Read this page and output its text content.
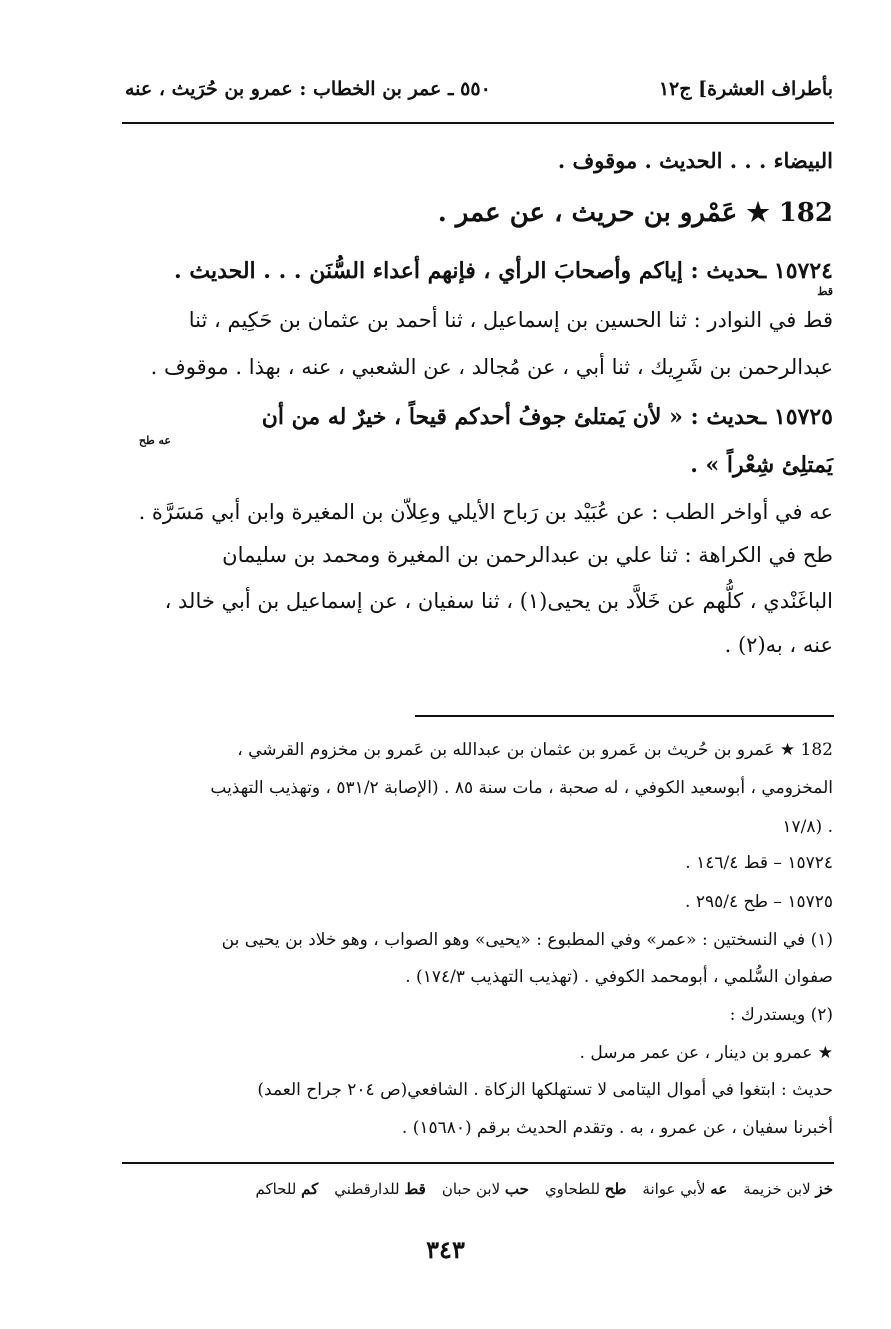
بأطراف العشرة] ج١٢
٥٥٠ ـ عمر بن الخطاب : عمرو بن حُرَيث ، عنه
البيضاء . . . الحديث . موقوف .
182 ★ عَمْرو بن حريث ، عن عمر .
١٥٧٢٤ ـحديث : إياكم وأصحابَ الرأي ، فإنهم أعداء السُّنَن . . . الحديث .
قط
قط في النوادر : ثنا الحسين بن إسماعيل ، ثنا أحمد بن عثمان بن حَكِيم ، ثنا
عبدالرحمن بن شَرِيك ، ثنا أبي ، عن مُجالد ، عن الشعبي ، عنه ، بهذا . موقوف .
١٥٧٢٥ ـحديث : « لأن يَمتلئ جوفُ أحدكم قيحاً ، خيرٌ له من أن
عه طح
يَمتلِئ شِعْراً » .
عه في أواخر الطب : عن عُبَيْد بن رَباح الأيلي وعِلاّن بن المغيرة وابن أبي مَسَرَّة .
طح في الكراهة : ثنا علي بن عبدالرحمن بن المغيرة ومحمد بن سليمان
الباغَنْدي ، كلُّهم عن خَلاَّد بن يحيى(١) ، ثنا سفيان ، عن إسماعيل بن أبي خالد ،
عنه ، به(٢) .
182 ★ عَمرو بن حُريث بن عَمرو بن عثمان بن عبدالله بن عَمرو بن مخزوم القرشي ،
المخزومي ، أبوسعيد الكوفي ، له صحبة ، مات سنة ٨٥ . (الإصابة ٥٣١/٢ ، وتهذيب التهذيب
١٧/٨) .
١٥٧٢٤ – قط ١٤٦/٤ .
١٥٧٢٥ – طح ٢٩٥/٤ .
(١) في النسختين : «عمر» وفي المطبوع : «يحيى» وهو الصواب ، وهو خلاد بن يحيى بن
صفوان السُّلمي ، أبومحمد الكوفي . (تهذيب التهذيب ١٧٤/٣) .
(٢) ويستدرك :
★ عمرو بن دينار ، عن عمر مرسل .
حديث : ابتغوا في أموال اليتامى لا تستهلكها الزكاة . الشافعي(ص ٢٠٤ جراح العمد)
أخبرنا سفيان ، عن عمرو ، به . وتقدم الحديث برقم (١٥٦٨٠) .
خز لابن خزيمة
عه لأبي عوانة
طح للطحاوي
حب لابن حبان
قط للدارقطني
كم للحاكم
٣٤٣
